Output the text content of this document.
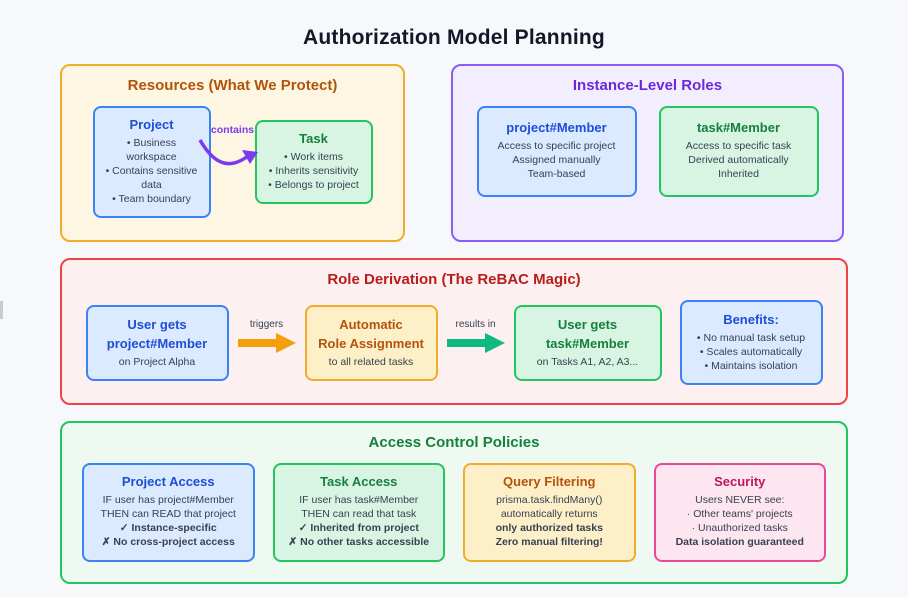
Authorization Model Planning
Resources (What We Protect)
Project
• Business workspace
• Contains sensitive data
• Team boundary
contains
Task
• Work items
• Inherits sensitivity
• Belongs to project
Instance-Level Roles
project#Member
Access to specific project
Assigned manually
Team-based
task#Member
Access to specific task
Derived automatically
Inherited
Role Derivation (The ReBAC Magic)
User gets
project#Member
on Project Alpha
triggers	Automatic
Role Assignment
to all related tasks
results in	User gets
task#Member
on Tasks A1, A2, A3...
Benefits:
• No manual task setup
• Scales automatically
• Maintains isolation
Access Control Policies
Project Access
IF user has project#Member
THEN can READ that project
✓ Instance-specific
✗ No cross-project access
Task Access
IF user has task#Member
THEN can read that task
✓ Inherited from project
✗ No other tasks accessible
Query Filtering
prisma.task.findMany()
automatically returns
only authorized tasks
Zero manual filtering!
Security
Users NEVER see:
· Other teams' projects
· Unauthorized tasks
Data isolation guaranteed
